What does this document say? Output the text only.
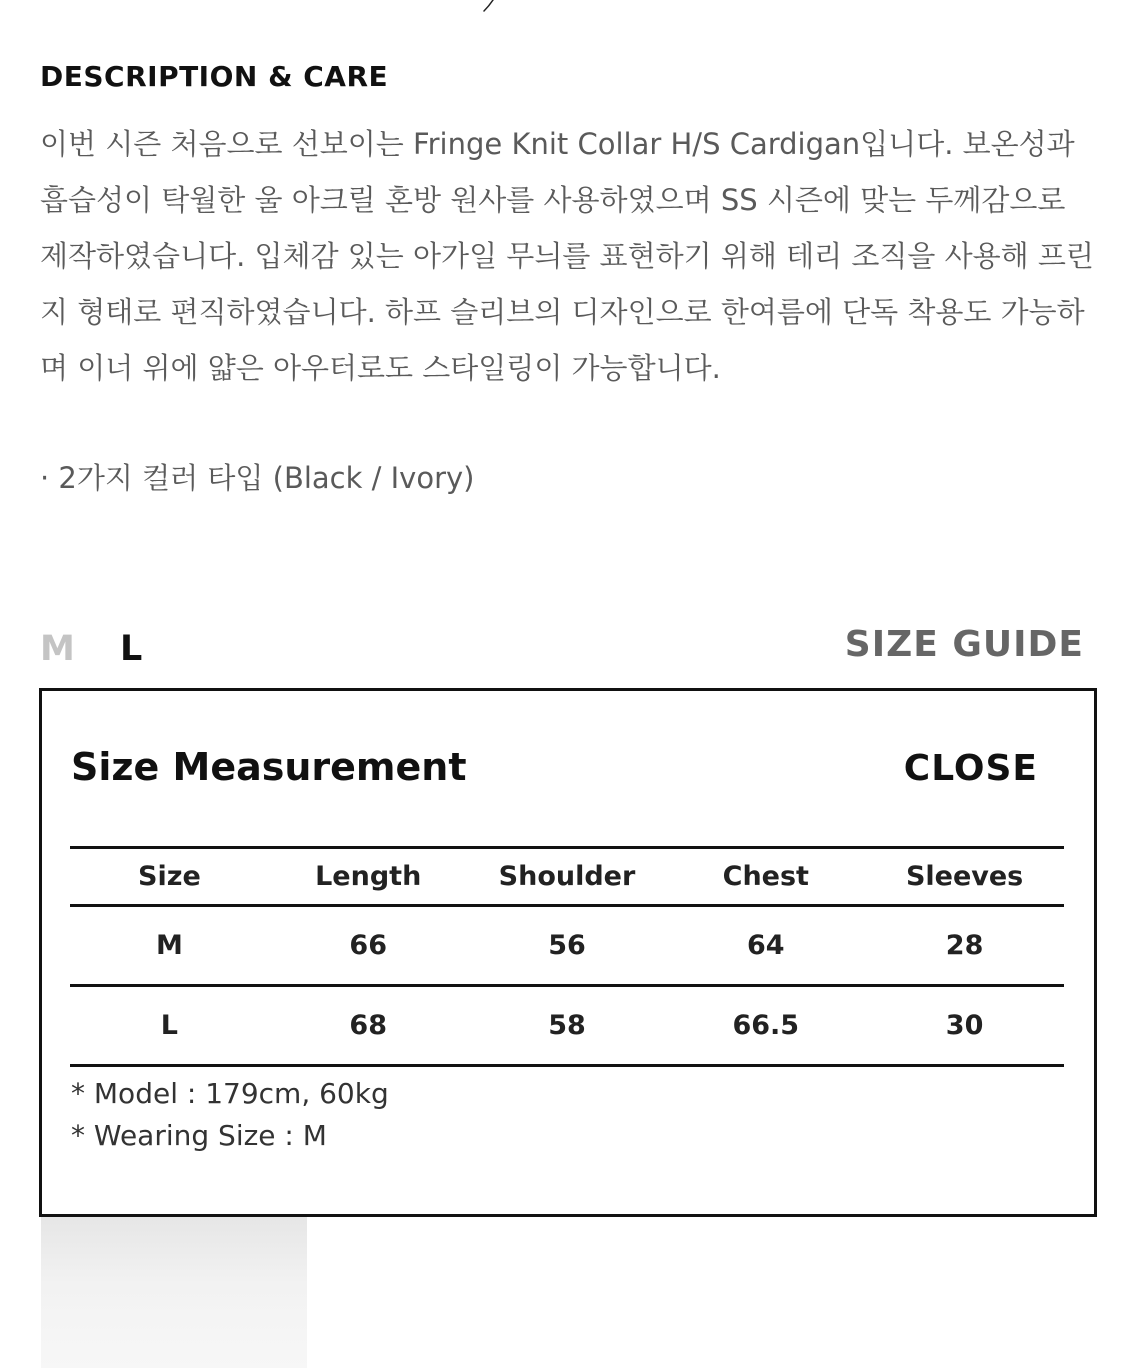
DESCRIPTION & CARE
이번 시즌 처음으로 선보이는 Fringe Knit Collar H/S Cardigan입니다. 보온성과
흡습성이 탁월한 울 아크릴 혼방 원사를 사용하였으며 SS 시즌에 맞는 두께감으로
제작하였습니다. 입체감 있는 아가일 무늬를 표현하기 위해 테리 조직을 사용해 프린
지 형태로 편직하였습니다. 하프 슬리브의 디자인으로 한여름에 단독 착용도 가능하
며 이너 위에 얇은 아우터로도 스타일링이 가능합니다.
· 2가지 컬러 타입 (Black / Ivory)
M	L	SIZE GUIDE
Size Measurement	CLOSE
Size	Length	Shoulder	Chest	Sleeves
M	66	56	64	28
L	68	58	66.5	30
* Model : 179cm, 60kg
* Wearing Size : M
